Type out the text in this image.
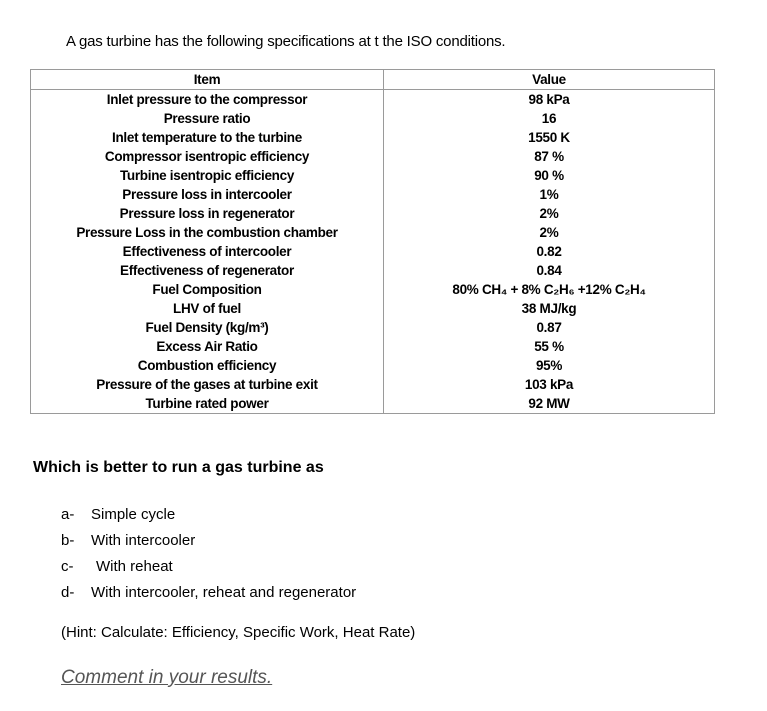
A gas turbine has the following specifications at t the ISO conditions.
Item	Value
Inlet pressure to the compressor	98 kPa
Pressure ratio	16
Inlet temperature to the turbine	1550 K
Compressor isentropic efficiency	87 %
Turbine isentropic efficiency	90 %
Pressure loss in intercooler	1%
Pressure loss in regenerator	2%
Pressure Loss in the combustion chamber	2%
Effectiveness of intercooler	0.82
Effectiveness of regenerator	0.84
Fuel Composition	80% CH₄ + 8% C₂H₆ +12% C₂H₄
LHV of fuel	38 MJ/kg
Fuel Density (kg/m³)	0.87
Excess Air Ratio	55 %
Combustion efficiency	95%
Pressure of the gases at turbine exit	103 kPa
Turbine rated power	92 MW
Which is better to run a gas turbine as
a- Simple cycle
b- With intercooler
c- With reheat
d- With intercooler, reheat and regenerator
(Hint: Calculate: Efficiency, Specific Work, Heat Rate)
Comment in your results.
